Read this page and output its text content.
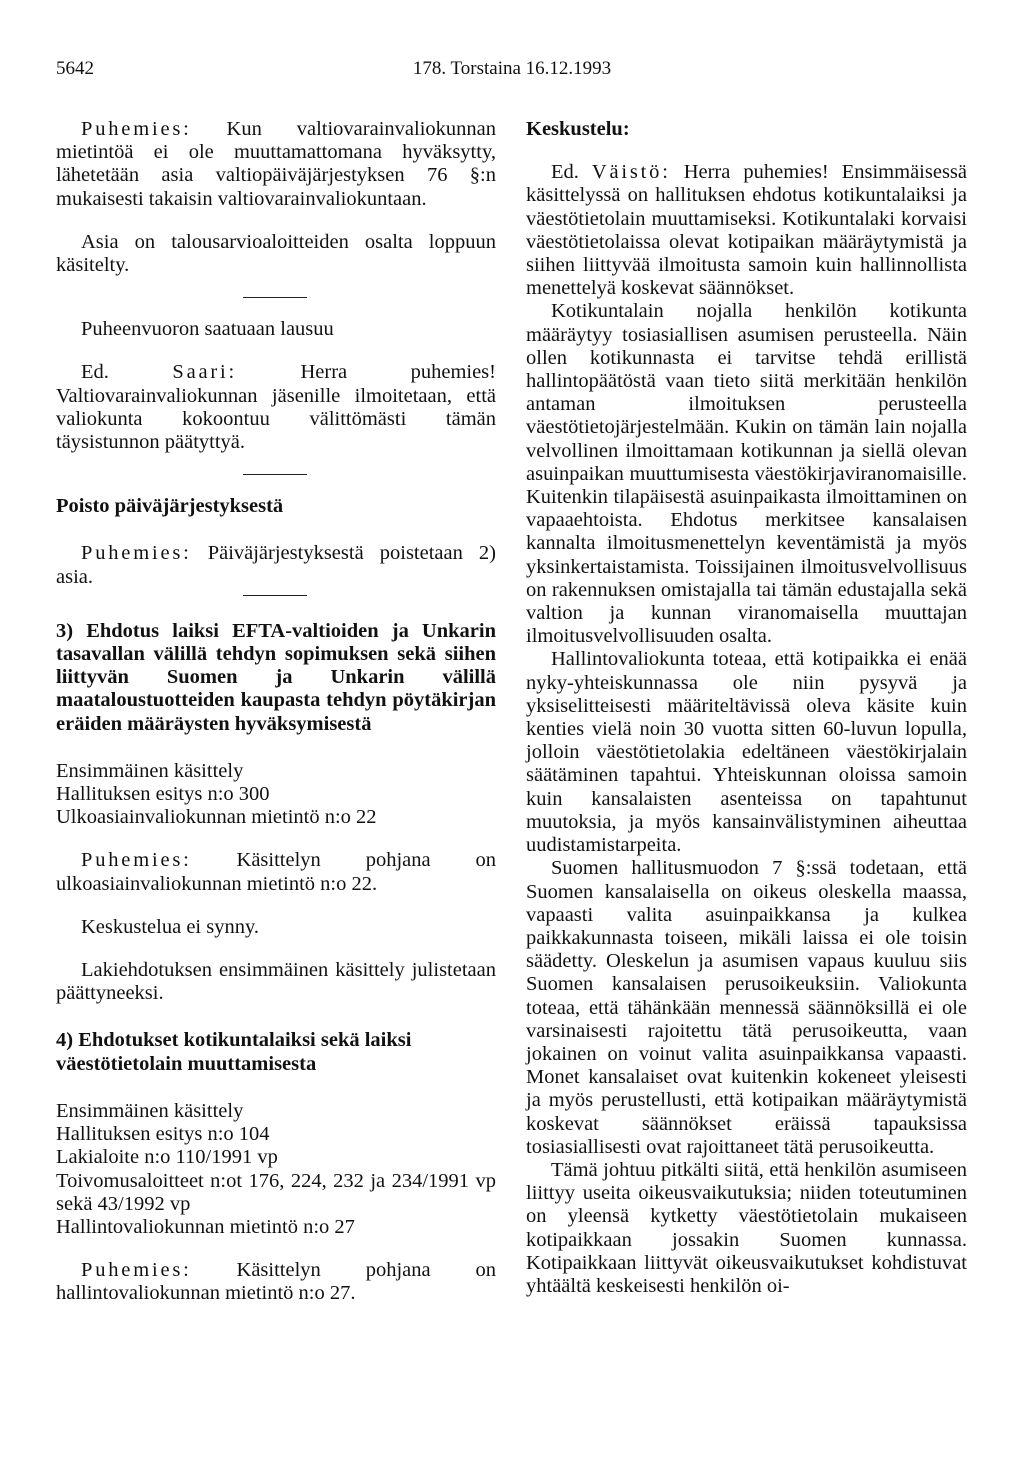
5642	178. Torstaina 16.12.1993

Puhemies: Kun valtiovarainvaliokunnan mietintöä ei ole muuttamattomana hyväksytty, lähetetään asia valtiopäiväjärjestyksen 76 §:n mukaisesti takaisin valtiovarainvaliokuntaan.

Asia on talousarvioaloitteiden osalta loppuun käsitelty.

Puheenvuoron saatuaan lausuu

Ed. Saari: Herra puhemies! Valtiovarainvaliokunnan jäsenille ilmoitetaan, että valiokunta kokoontuu välittömästi tämän täysistunnon päätyttyä.

Poisto päiväjärjestyksestä

Puhemies: Päiväjärjestyksestä poistetaan 2) asia.

3) Ehdotus laiksi EFTA-valtioiden ja Unkarin tasavallan välillä tehdyn sopimuksen sekä siihen liittyvän Suomen ja Unkarin välillä maataloustuotteiden kaupasta tehdyn pöytäkirjan eräiden määräysten hyväksymisestä

Ensimmäinen käsittely

Hallituksen esitys n:o 300

Ulkoasiainvaliokunnan mietintö n:o 22

Puhemies: Käsittelyn pohjana on ulkoasiainvaliokunnan mietintö n:o 22.

Keskustelua ei synny.

Lakiehdotuksen ensimmäinen käsittely julistetaan päättyneeksi.

4) Ehdotukset kotikuntalaiksi sekä laiksi väestötietolain muuttamisesta

Ensimmäinen käsittely

Hallituksen esitys n:o 104

Lakialoite n:o 110/1991 vp

Toivomusaloitteet n:ot 176, 224, 232 ja 234/1991 vp sekä 43/1992 vp

Hallintovaliokunnan mietintö n:o 27

Puhemies: Käsittelyn pohjana on hallintovaliokunnan mietintö n:o 27.

Keskustelu:

Ed. Väistö: Herra puhemies! Ensimmäisessä käsittelyssä on hallituksen ehdotus kotikuntalaiksi ja väestötietolain muuttamiseksi. Kotikuntalaki korvaisi väestötietolaissa olevat kotipaikan määräytymistä ja siihen liittyvää ilmoitusta samoin kuin hallinnollista menettelyä koskevat säännökset.

Kotikuntalain nojalla henkilön kotikunta määräytyy tosiasiallisen asumisen perusteella. Näin ollen kotikunnasta ei tarvitse tehdä erillistä hallintopäätöstä vaan tieto siitä merkitään henkilön antaman ilmoituksen perusteella väestötietojärjestelmään. Kukin on tämän lain nojalla velvollinen ilmoittamaan kotikunnan ja siellä olevan asuinpaikan muuttumisesta väestökirjaviranomaisille. Kuitenkin tilapäisestä asuinpaikasta ilmoittaminen on vapaaehtoista. Ehdotus merkitsee kansalaisen kannalta ilmoitusmenettelyn keventämistä ja myös yksinkertaistamista. Toissijainen ilmoitusvelvollisuus on rakennuksen omistajalla tai tämän edustajalla sekä valtion ja kunnan viranomaisella muuttajan ilmoitusvelvollisuuden osalta.

Hallintovaliokunta toteaa, että kotipaikka ei enää nyky-yhteiskunnassa ole niin pysyvä ja yksiselitteisesti määriteltävissä oleva käsite kuin kenties vielä noin 30 vuotta sitten 60-luvun lopulla, jolloin väestötietolakia edeltäneen väestökirjalain säätäminen tapahtui. Yhteiskunnan oloissa samoin kuin kansalaisten asenteissa on tapahtunut muutoksia, ja myös kansainvälistyminen aiheuttaa uudistamistarpeita.

Suomen hallitusmuodon 7 §:ssä todetaan, että Suomen kansalaisella on oikeus oleskella maassa, vapaasti valita asuinpaikkansa ja kulkea paikkakunnasta toiseen, mikäli laissa ei ole toisin säädetty. Oleskelun ja asumisen vapaus kuuluu siis Suomen kansalaisen perusoikeuksiin. Valiokunta toteaa, että tähänkään mennessä säännöksillä ei ole varsinaisesti rajoitettu tätä perusoikeutta, vaan jokainen on voinut valita asuinpaikkansa vapaasti. Monet kansalaiset ovat kuitenkin kokeneet yleisesti ja myös perustellusti, että kotipaikan määräytymistä koskevat säännökset eräissä tapauksissa tosiasiallisesti ovat rajoittaneet tätä perusoikeutta.

Tämä johtuu pitkälti siitä, että henkilön asumiseen liittyy useita oikeusvaikutuksia; niiden toteutuminen on yleensä kytketty väestötietolain mukaiseen kotipaikkaan jossakin Suomen kunnassa. Kotipaikkaan liittyvät oikeusvaikutukset kohdistuvat yhtäältä keskeisesti henkilön oi-
